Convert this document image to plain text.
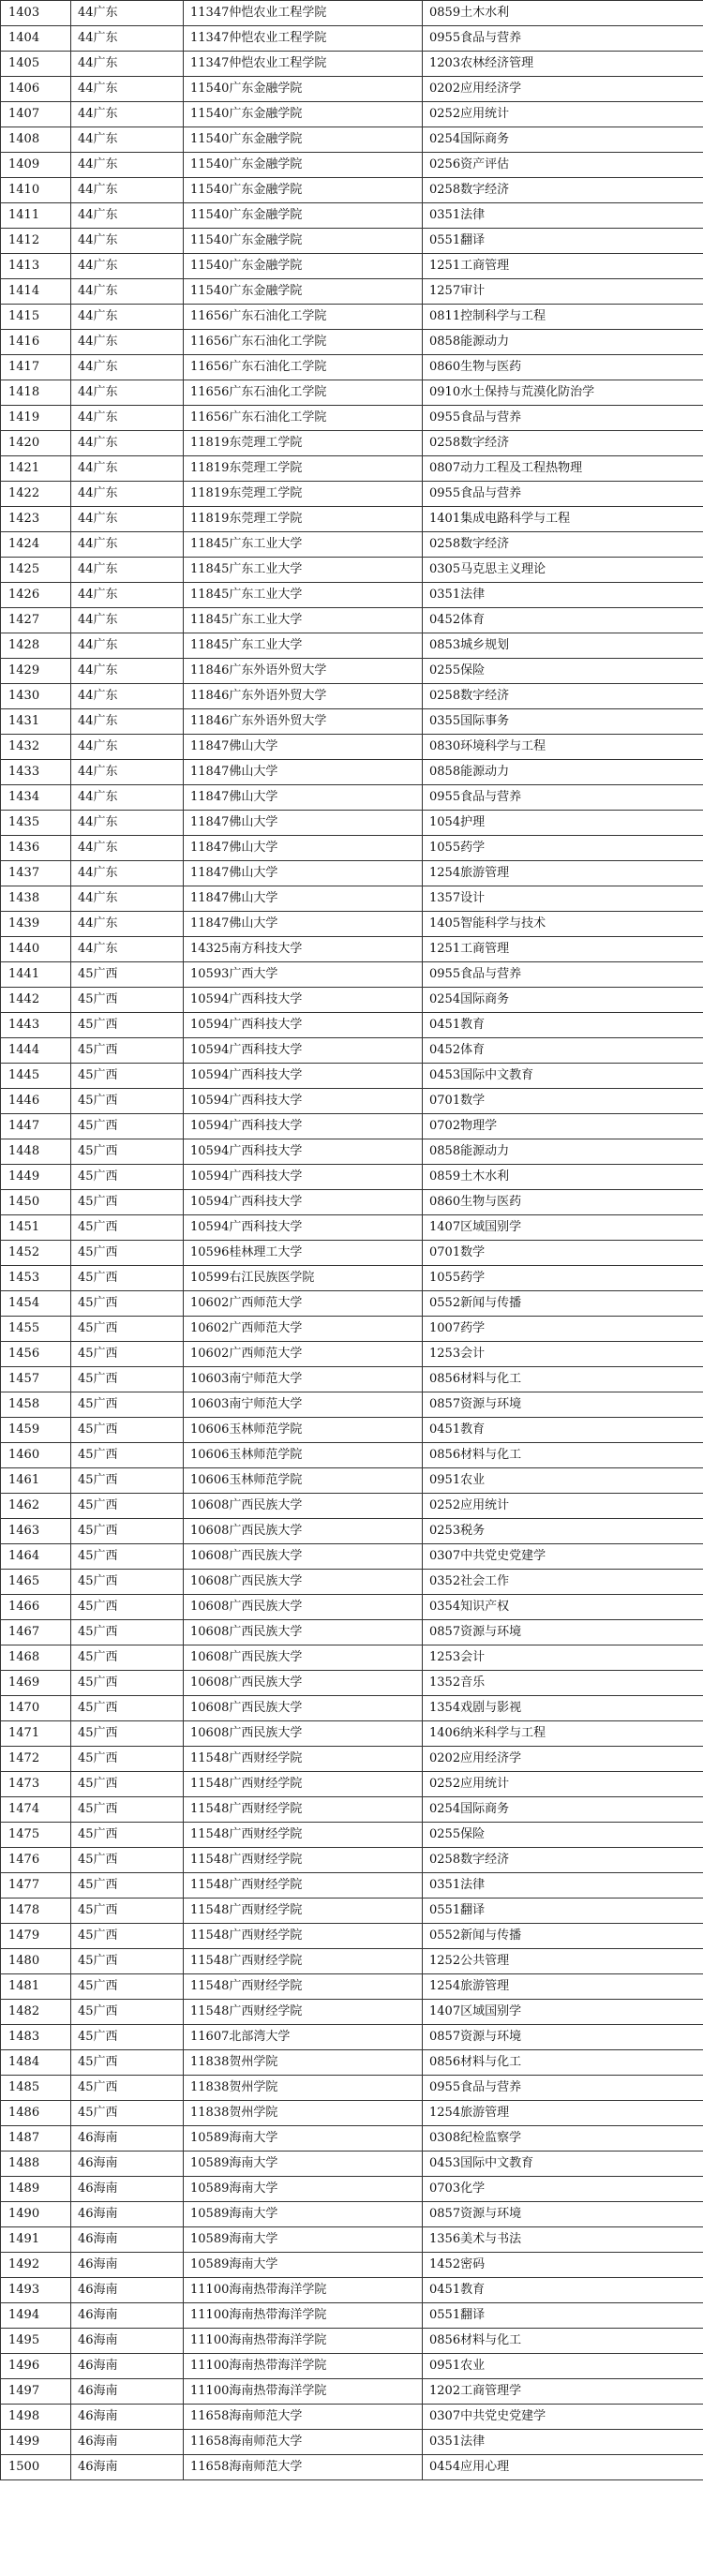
1403	44广东	11347仲恺农业工程学院	0859土木水利
1404	44广东	11347仲恺农业工程学院	0955食品与营养
1405	44广东	11347仲恺农业工程学院	1203农林经济管理
1406	44广东	11540广东金融学院	0202应用经济学
1407	44广东	11540广东金融学院	0252应用统计
1408	44广东	11540广东金融学院	0254国际商务
1409	44广东	11540广东金融学院	0256资产评估
1410	44广东	11540广东金融学院	0258数字经济
1411	44广东	11540广东金融学院	0351法律
1412	44广东	11540广东金融学院	0551翻译
1413	44广东	11540广东金融学院	1251工商管理
1414	44广东	11540广东金融学院	1257审计
1415	44广东	11656广东石油化工学院	0811控制科学与工程
1416	44广东	11656广东石油化工学院	0858能源动力
1417	44广东	11656广东石油化工学院	0860生物与医药
1418	44广东	11656广东石油化工学院	0910水土保持与荒漠化防治学
1419	44广东	11656广东石油化工学院	0955食品与营养
1420	44广东	11819东莞理工学院	0258数字经济
1421	44广东	11819东莞理工学院	0807动力工程及工程热物理
1422	44广东	11819东莞理工学院	0955食品与营养
1423	44广东	11819东莞理工学院	1401集成电路科学与工程
1424	44广东	11845广东工业大学	0258数字经济
1425	44广东	11845广东工业大学	0305马克思主义理论
1426	44广东	11845广东工业大学	0351法律
1427	44广东	11845广东工业大学	0452体育
1428	44广东	11845广东工业大学	0853城乡规划
1429	44广东	11846广东外语外贸大学	0255保险
1430	44广东	11846广东外语外贸大学	0258数字经济
1431	44广东	11846广东外语外贸大学	0355国际事务
1432	44广东	11847佛山大学	0830环境科学与工程
1433	44广东	11847佛山大学	0858能源动力
1434	44广东	11847佛山大学	0955食品与营养
1435	44广东	11847佛山大学	1054护理
1436	44广东	11847佛山大学	1055药学
1437	44广东	11847佛山大学	1254旅游管理
1438	44广东	11847佛山大学	1357设计
1439	44广东	11847佛山大学	1405智能科学与技术
1440	44广东	14325南方科技大学	1251工商管理
1441	45广西	10593广西大学	0955食品与营养
1442	45广西	10594广西科技大学	0254国际商务
1443	45广西	10594广西科技大学	0451教育
1444	45广西	10594广西科技大学	0452体育
1445	45广西	10594广西科技大学	0453国际中文教育
1446	45广西	10594广西科技大学	0701数学
1447	45广西	10594广西科技大学	0702物理学
1448	45广西	10594广西科技大学	0858能源动力
1449	45广西	10594广西科技大学	0859土木水利
1450	45广西	10594广西科技大学	0860生物与医药
1451	45广西	10594广西科技大学	1407区域国别学
1452	45广西	10596桂林理工大学	0701数学
1453	45广西	10599右江民族医学院	1055药学
1454	45广西	10602广西师范大学	0552新闻与传播
1455	45广西	10602广西师范大学	1007药学
1456	45广西	10602广西师范大学	1253会计
1457	45广西	10603南宁师范大学	0856材料与化工
1458	45广西	10603南宁师范大学	0857资源与环境
1459	45广西	10606玉林师范学院	0451教育
1460	45广西	10606玉林师范学院	0856材料与化工
1461	45广西	10606玉林师范学院	0951农业
1462	45广西	10608广西民族大学	0252应用统计
1463	45广西	10608广西民族大学	0253税务
1464	45广西	10608广西民族大学	0307中共党史党建学
1465	45广西	10608广西民族大学	0352社会工作
1466	45广西	10608广西民族大学	0354知识产权
1467	45广西	10608广西民族大学	0857资源与环境
1468	45广西	10608广西民族大学	1253会计
1469	45广西	10608广西民族大学	1352音乐
1470	45广西	10608广西民族大学	1354戏剧与影视
1471	45广西	10608广西民族大学	1406纳米科学与工程
1472	45广西	11548广西财经学院	0202应用经济学
1473	45广西	11548广西财经学院	0252应用统计
1474	45广西	11548广西财经学院	0254国际商务
1475	45广西	11548广西财经学院	0255保险
1476	45广西	11548广西财经学院	0258数字经济
1477	45广西	11548广西财经学院	0351法律
1478	45广西	11548广西财经学院	0551翻译
1479	45广西	11548广西财经学院	0552新闻与传播
1480	45广西	11548广西财经学院	1252公共管理
1481	45广西	11548广西财经学院	1254旅游管理
1482	45广西	11548广西财经学院	1407区域国别学
1483	45广西	11607北部湾大学	0857资源与环境
1484	45广西	11838贺州学院	0856材料与化工
1485	45广西	11838贺州学院	0955食品与营养
1486	45广西	11838贺州学院	1254旅游管理
1487	46海南	10589海南大学	0308纪检监察学
1488	46海南	10589海南大学	0453国际中文教育
1489	46海南	10589海南大学	0703化学
1490	46海南	10589海南大学	0857资源与环境
1491	46海南	10589海南大学	1356美术与书法
1492	46海南	10589海南大学	1452密码
1493	46海南	11100海南热带海洋学院	0451教育
1494	46海南	11100海南热带海洋学院	0551翻译
1495	46海南	11100海南热带海洋学院	0856材料与化工
1496	46海南	11100海南热带海洋学院	0951农业
1497	46海南	11100海南热带海洋学院	1202工商管理学
1498	46海南	11658海南师范大学	0307中共党史党建学
1499	46海南	11658海南师范大学	0351法律
1500	46海南	11658海南师范大学	0454应用心理
